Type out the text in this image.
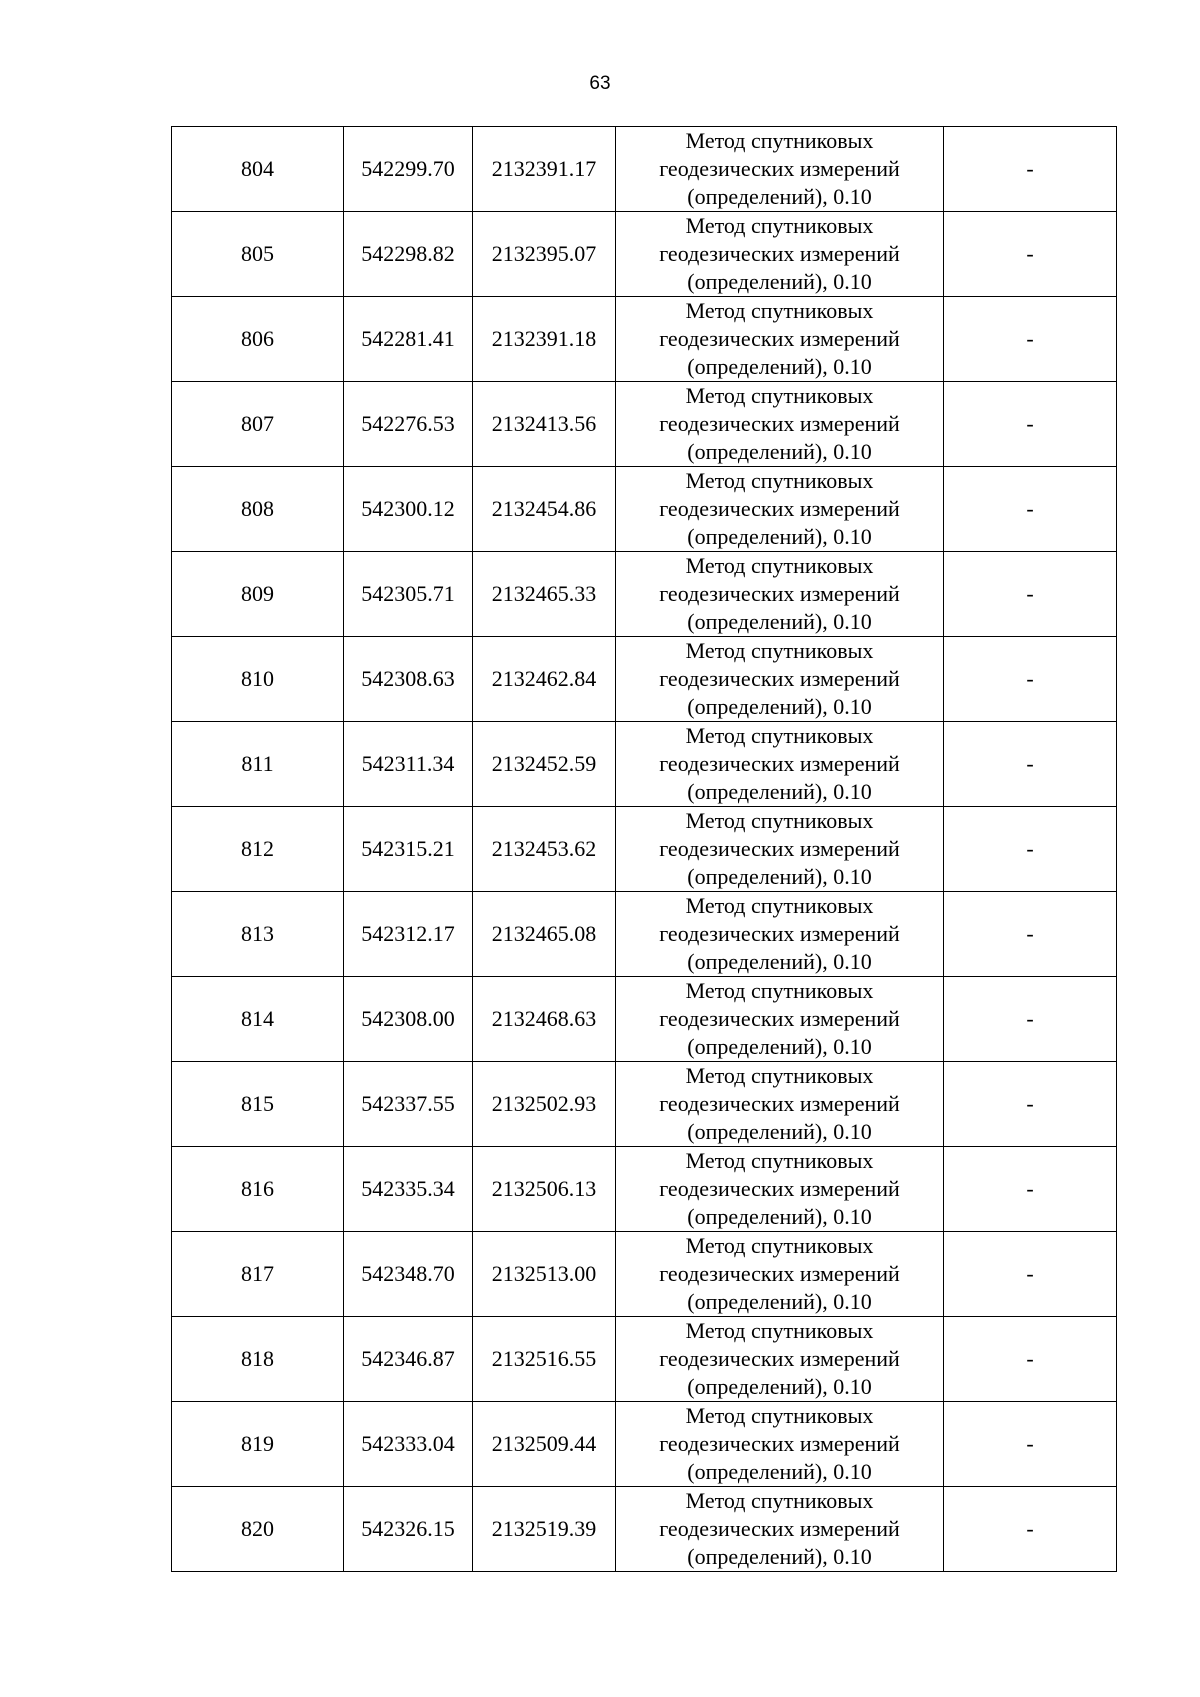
63
804	542299.70	2132391.17	Метод спутниковых геодезических измерений (определений), 0.10	-
805	542298.82	2132395.07	Метод спутниковых геодезических измерений (определений), 0.10	-
806	542281.41	2132391.18	Метод спутниковых геодезических измерений (определений), 0.10	-
807	542276.53	2132413.56	Метод спутниковых геодезических измерений (определений), 0.10	-
808	542300.12	2132454.86	Метод спутниковых геодезических измерений (определений), 0.10	-
809	542305.71	2132465.33	Метод спутниковых геодезических измерений (определений), 0.10	-
810	542308.63	2132462.84	Метод спутниковых геодезических измерений (определений), 0.10	-
811	542311.34	2132452.59	Метод спутниковых геодезических измерений (определений), 0.10	-
812	542315.21	2132453.62	Метод спутниковых геодезических измерений (определений), 0.10	-
813	542312.17	2132465.08	Метод спутниковых геодезических измерений (определений), 0.10	-
814	542308.00	2132468.63	Метод спутниковых геодезических измерений (определений), 0.10	-
815	542337.55	2132502.93	Метод спутниковых геодезических измерений (определений), 0.10	-
816	542335.34	2132506.13	Метод спутниковых геодезических измерений (определений), 0.10	-
817	542348.70	2132513.00	Метод спутниковых геодезических измерений (определений), 0.10	-
818	542346.87	2132516.55	Метод спутниковых геодезических измерений (определений), 0.10	-
819	542333.04	2132509.44	Метод спутниковых геодезических измерений (определений), 0.10	-
820	542326.15	2132519.39	Метод спутниковых геодезических измерений (определений), 0.10	-
